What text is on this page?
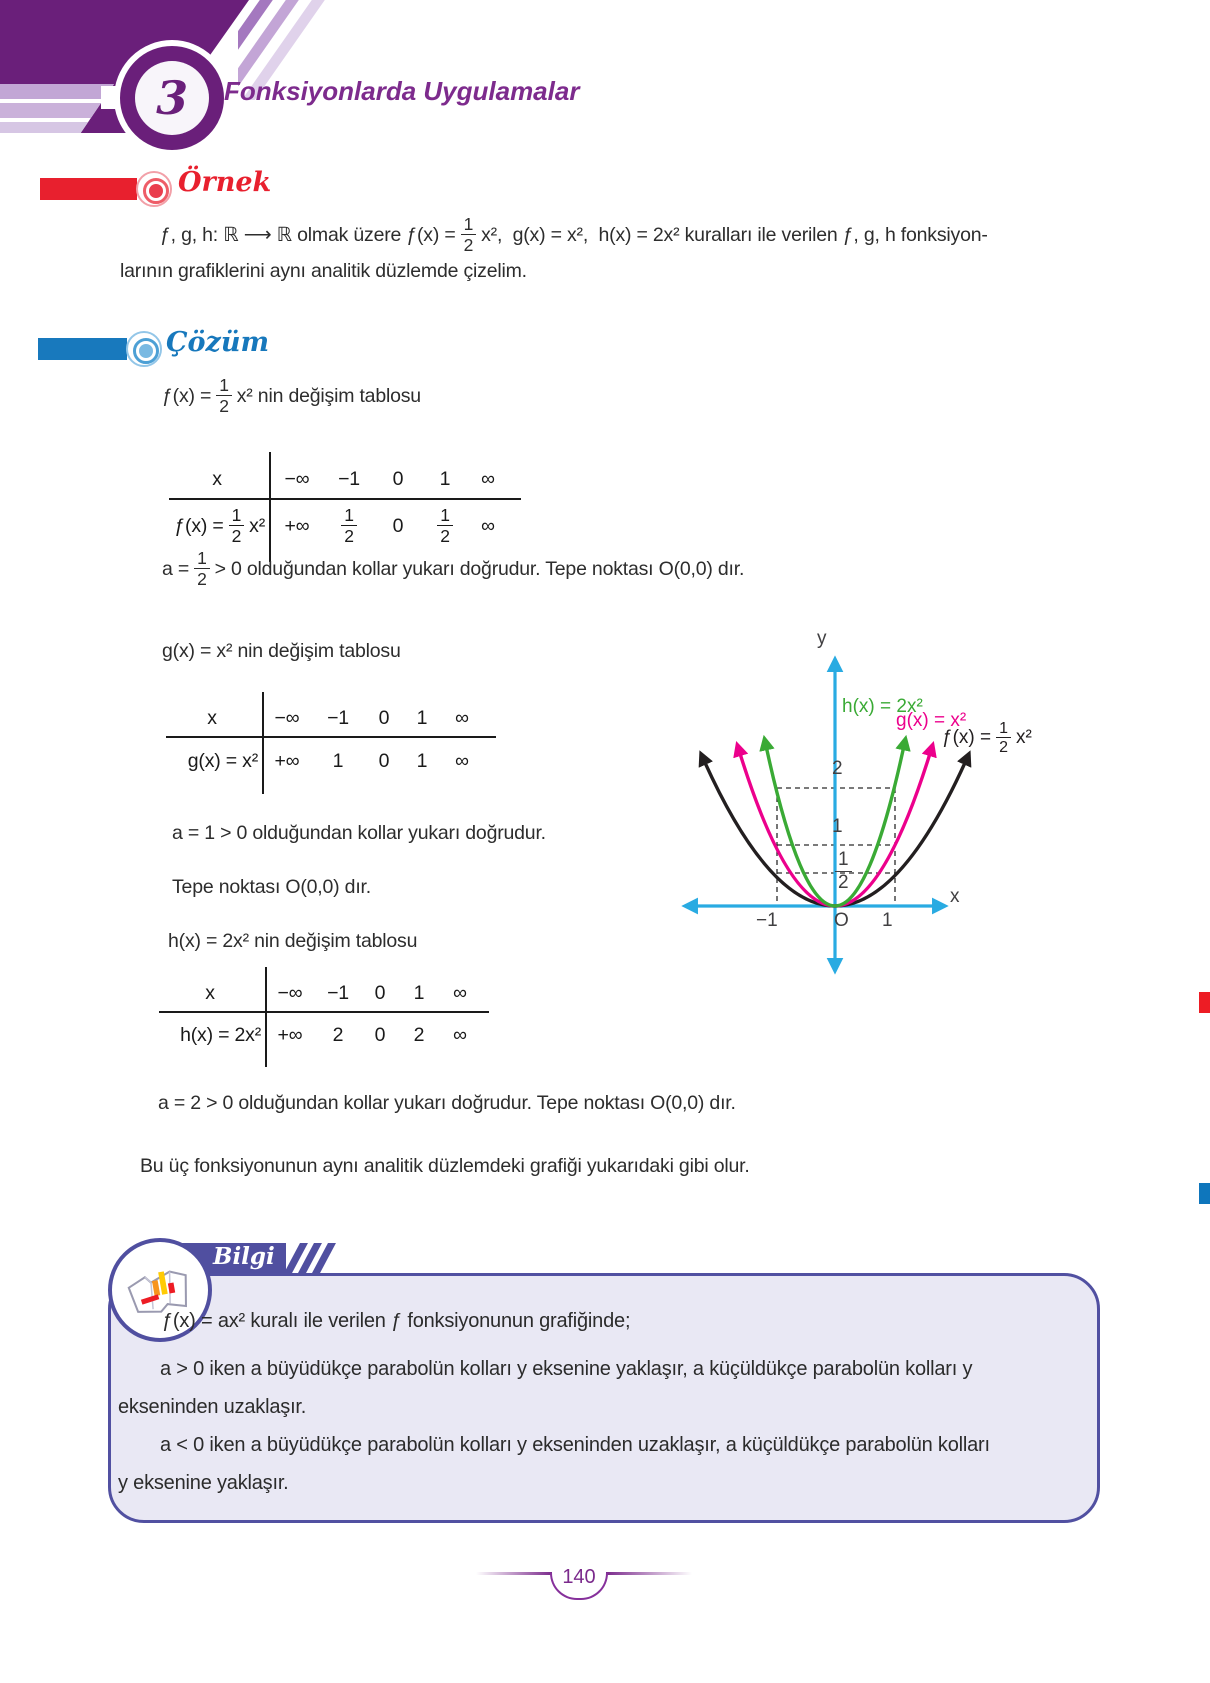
3 Fonksiyonlarda Uygulamalar
Örnek
ƒ, g, h: ℝ ⟶ ℝ olmak üzere ƒ(x) = $\frac{1}{2} x^2$,  g(x) = x²,  h(x) = 2x² kuralları ile verilen ƒ, g, h fonksiyon-
larının grafiklerini aynı analitik düzlemde çizelim.
Çözüm
ƒ(x) = $\frac{1}{2} x^2$ nin değişim tablosu
x	−∞	−1	0	1	∞
ƒ(x) = $\frac{1}{2} x^2$	+∞	$\frac{1}{2}$	0	$\frac{1}{2}$	∞
$a = \frac{1}{2} > 0$ olduğundan kollar yukarı doğrudur. Tepe noktası O(0,0) dır.
g(x) = x² nin değişim tablosu
x	−∞	−1	0	1	∞
g(x) = x² +∞	1	0	1	∞
a = 1 > 0 olduğundan kollar yukarı doğrudur.
Tepe noktası O(0,0) dır.
h(x) = 2x² nin değişim tablosu
x	−∞	−1	0	1	∞
h(x) = 2x² +∞	2	0	2	∞
a = 2 > 0 olduğundan kollar yukarı doğrudur. Tepe noktası O(0,0) dır.
Bu üç fonksiyonunun aynı analitik düzlemdeki grafiği yukarıdaki gibi olur.
y
x
h(x) = 2x²
g(x) = x²
ƒ(x) = $\frac{1}{2} x^2$
2
1
$\frac{1}{2}$
−1	O 1
Bilgi
ƒ(x) = ax² kuralı ile verilen ƒ fonksiyonunun grafiğinde;
a > 0 iken a büyüdükçe parabolün kolları y eksenine yaklaşır, a küçüldükçe parabolün kolları y
ekseninden uzaklaşır.
a < 0 iken a büyüdükçe parabolün kolları y ekseninden uzaklaşır, a küçüldükçe parabolün kolları
y eksenine yaklaşır.
140
